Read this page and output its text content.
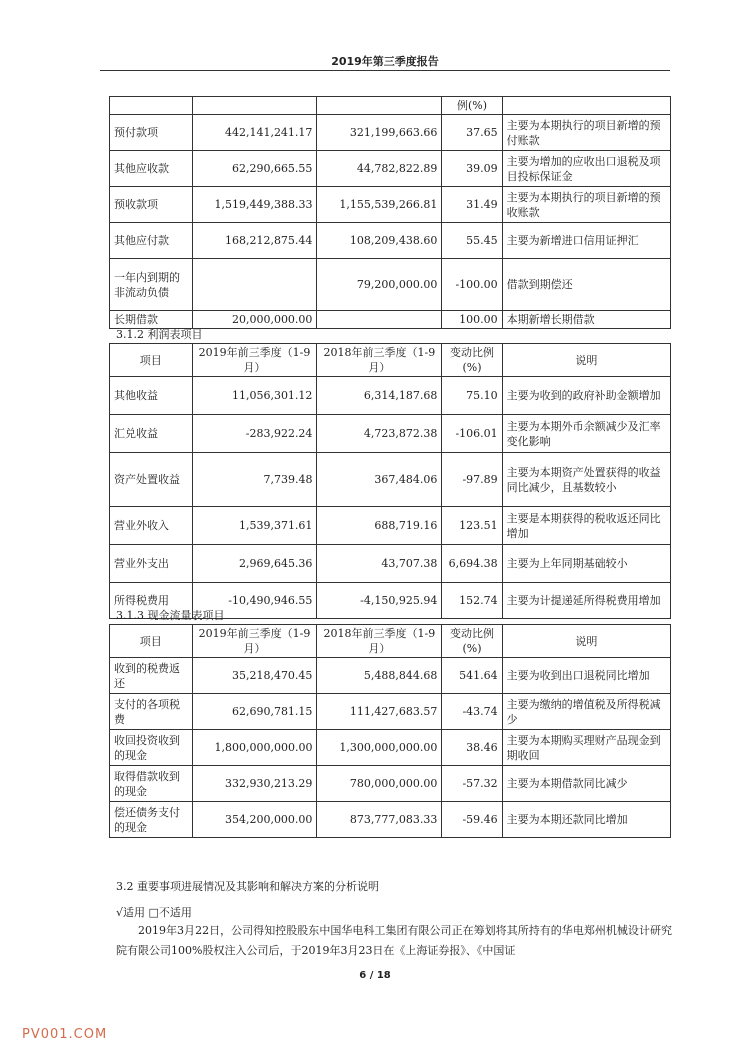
2019年第三季度报告
			例(%)	
预付款项	442,141,241.17	321,199,663.66	37.65	主要为本期执行的项目新增的预付账款
其他应收款	62,290,665.55	44,782,822.89	39.09	主要为增加的应收出口退税及项目投标保证金
预收款项	1,519,449,388.33	1,155,539,266.81	31.49	主要为本期执行的项目新增的预收账款
其他应付款	168,212,875.44	108,209,438.60	55.45	主要为新增进口信用证押汇
一年内到期的非流动负债		79,200,000.00	-100.00	借款到期偿还
长期借款	20,000,000.00		100.00	本期新增长期借款
3.1.2 利润表项目
项目	2019年前三季度（1-9月）	2018年前三季度（1-9月）	变动比例(%)	说明
其他收益	11,056,301.12	6,314,187.68	75.10	主要为收到的政府补助金额增加
汇兑收益	-283,922.24	4,723,872.38	-106.01	主要为本期外币余额减少及汇率变化影响
资产处置收益	7,739.48	367,484.06	-97.89	主要为本期资产处置获得的收益同比减少，且基数较小
营业外收入	1,539,371.61	688,719.16	123.51	主要是本期获得的税收返还同比增加
营业外支出	2,969,645.36	43,707.38	6,694.38	主要为上年同期基础较小
所得税费用	-10,490,946.55	-4,150,925.94	152.74	主要为计提递延所得税费用增加
3.1.3 现金流量表项目
项目	2019年前三季度（1-9月）	2018年前三季度（1-9月）	变动比例(%)	说明
收到的税费返还	35,218,470.45	5,488,844.68	541.64	主要为收到出口退税同比增加
支付的各项税费	62,690,781.15	111,427,683.57	-43.74	主要为缴纳的增值税及所得税减少
收回投资收到的现金	1,800,000,000.00	1,300,000,000.00	38.46	主要为本期购买理财产品现金到期收回
取得借款收到的现金	332,930,213.29	780,000,000.00	-57.32	主要为本期借款同比减少
偿还债务支付的现金	354,200,000.00	873,777,083.33	-59.46	主要为本期还款同比增加
3.2 重要事项进展情况及其影响和解决方案的分析说明
√适用 □不适用
2019年3月22日，公司得知控股股东中国华电科工集团有限公司正在筹划将其所持有的华电郑州机械设计研究院有限公司100%股权注入公司后，于2019年3月23日在《上海证券报》、《中国证
6 / 18
PV001.COM
